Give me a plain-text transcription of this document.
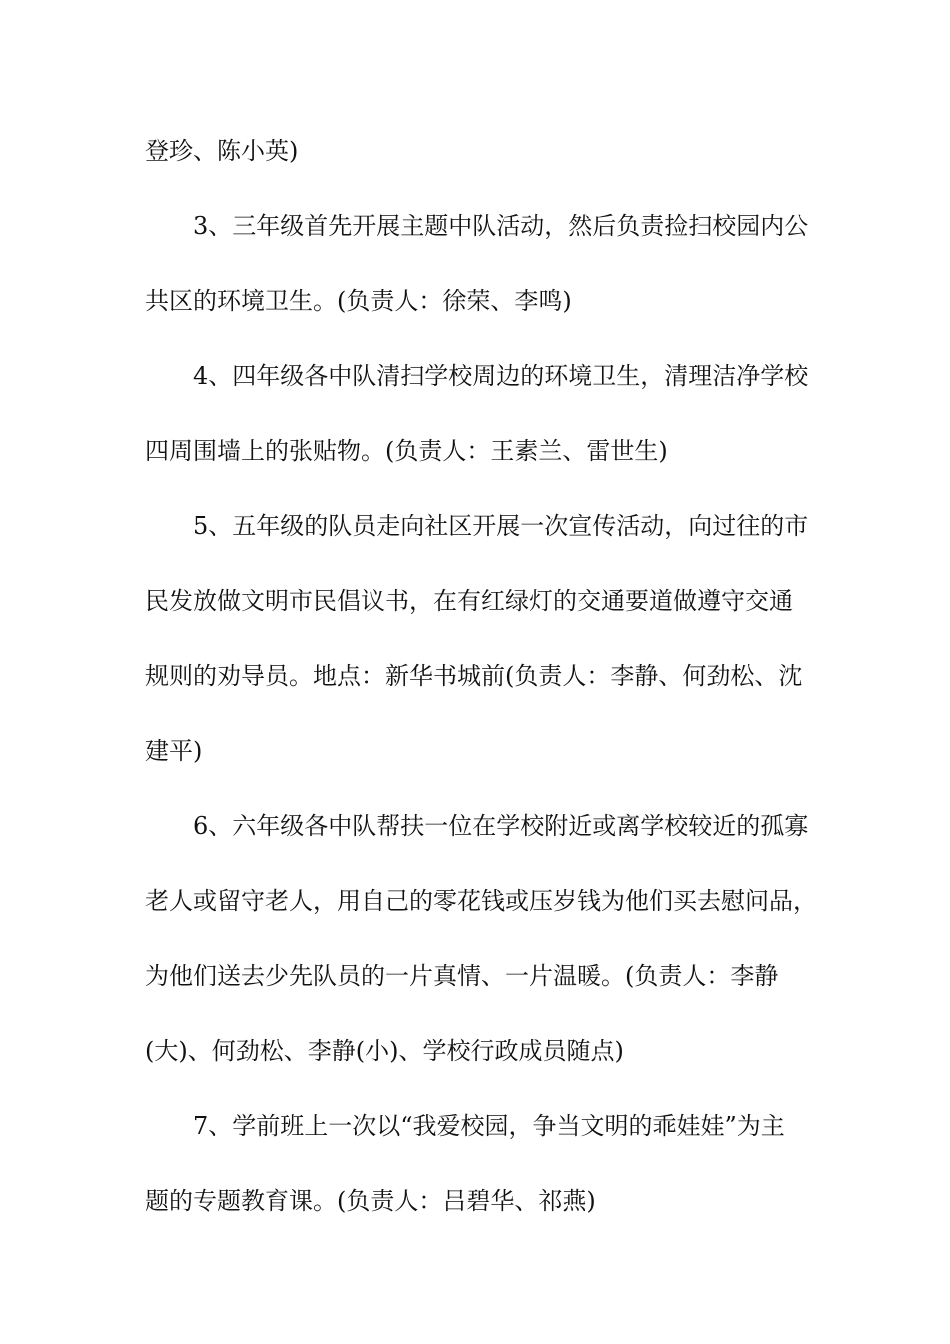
登珍、陈小英)
3、三年级首先开展主题中队活动，然后负责捡扫校园内公
共区的环境卫生。(负责人：徐荣、李鸣)
4、四年级各中队清扫学校周边的环境卫生，清理洁净学校
四周围墙上的张贴物。(负责人：王素兰、雷世生)
5、五年级的队员走向社区开展一次宣传活动，向过往的市
民发放做文明市民倡议书，在有红绿灯的交通要道做遵守交通
规则的劝导员。地点：新华书城前(负责人：李静、何劲松、沈
建平)
6、六年级各中队帮扶一位在学校附近或离学校较近的孤寡
老人或留守老人，用自己的零花钱或压岁钱为他们买去慰问品，
为他们送去少先队员的一片真情、一片温暖。(负责人：李静
(大)、何劲松、李静(小)、学校行政成员随点)
7、学前班上一次以“我爱校园，争当文明的乖娃娃”为主
题的专题教育课。(负责人：吕碧华、祁燕)
